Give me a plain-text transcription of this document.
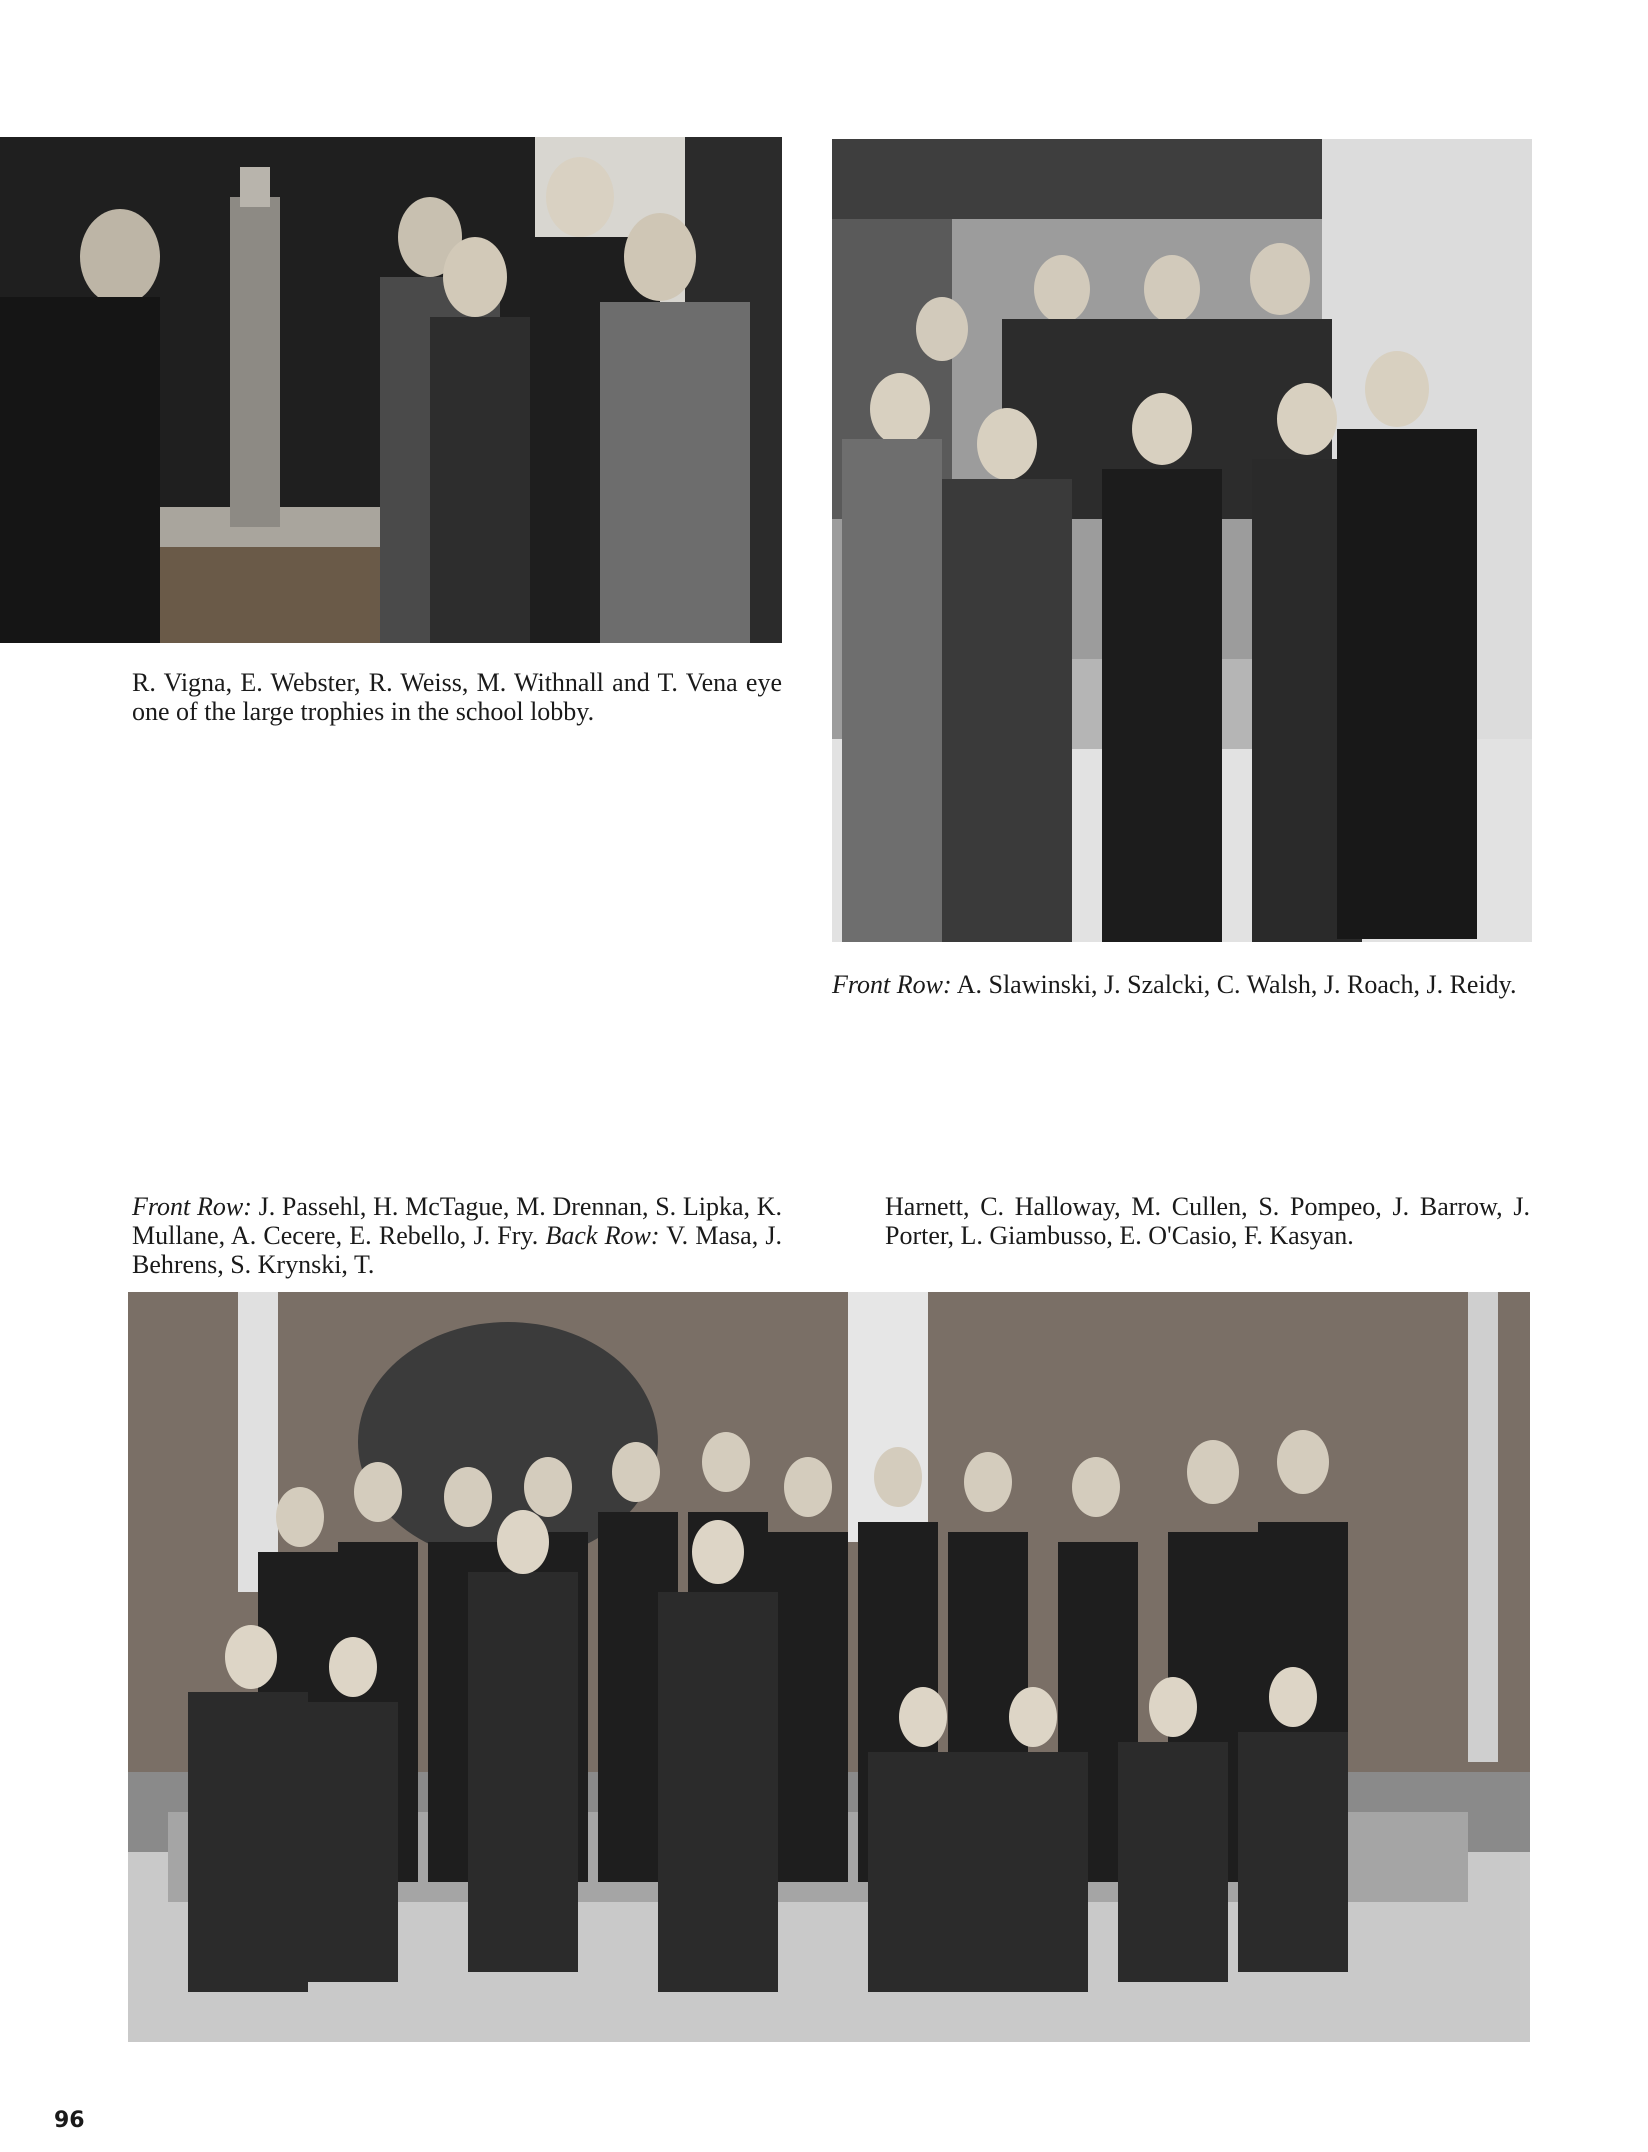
R. Vigna, E. Webster, R. Weiss, M. Withnall and T. Vena eye one of the large trophies in the school lobby.

Front Row: A. Slawinski, J. Szalcki, C. Walsh, J. Roach, J. Reidy.

Front Row: J. Passehl, H. McTague, M. Drennan, S. Lipka, K. Mullane, A. Cecere, E. Rebello, J. Fry. Back Row: V. Masa, J. Behrens, S. Krynski, T.

Harnett, C. Halloway, M. Cullen, S. Pompeo, J. Barrow, J. Porter, L. Giambusso, E. O'Casio, F. Kasyan.

96
